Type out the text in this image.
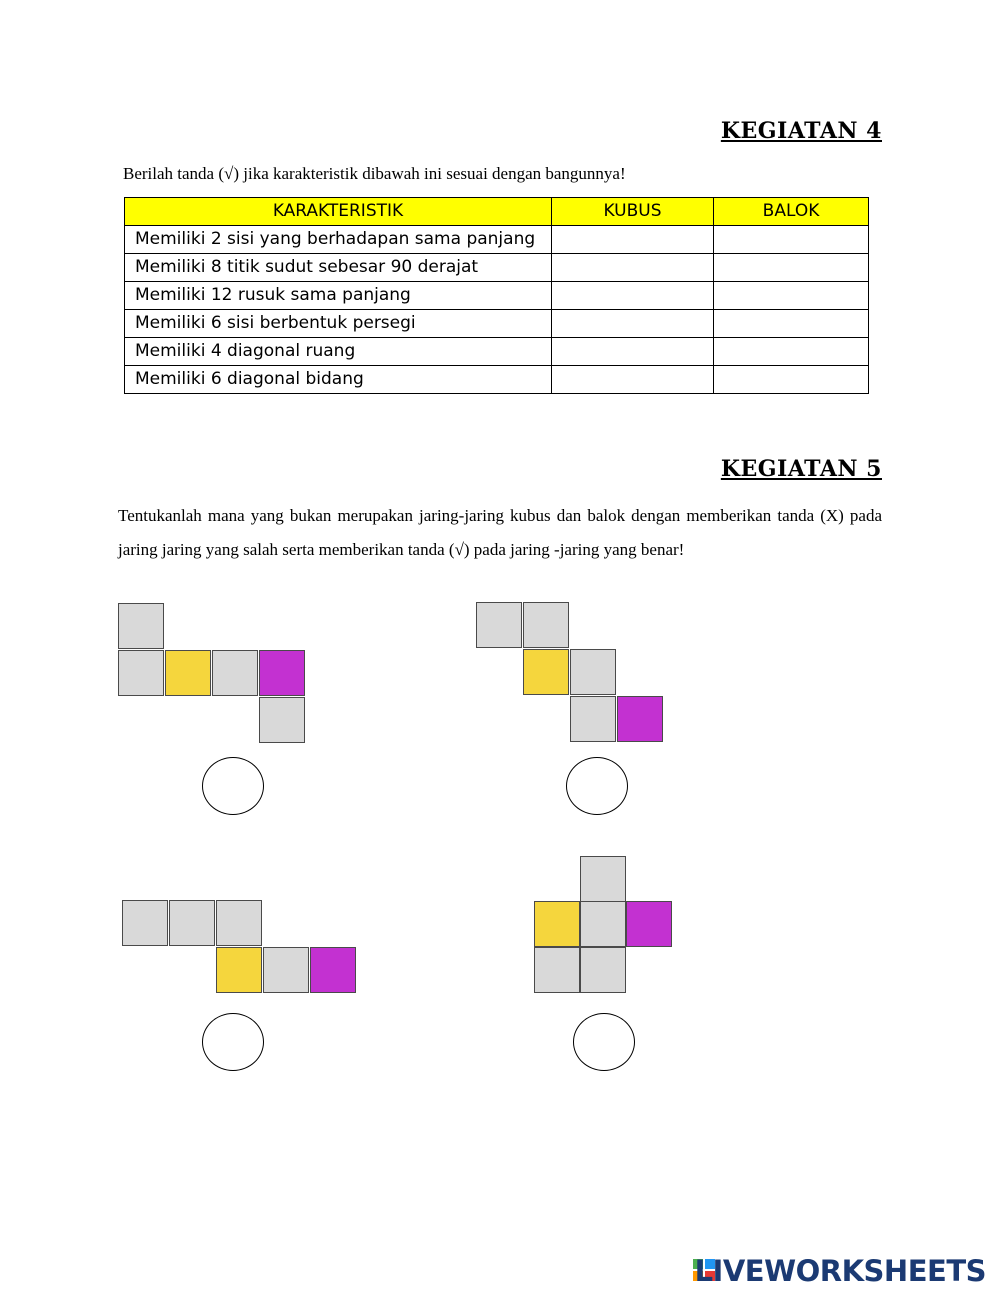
KEGIATAN 4
Berilah tanda (√) jika karakteristik dibawah ini sesuai dengan bangunnya!
KARAKTERISTIK	KUBUS	BALOK
Memiliki 2 sisi yang berhadapan sama panjang		
Memiliki 8 titik sudut sebesar 90 derajat		
Memiliki 12 rusuk sama panjang		
Memiliki 6 sisi berbentuk persegi		
Memiliki 4 diagonal ruang		
Memiliki 6 diagonal bidang		
KEGIATAN 5
Tentukanlah mana yang bukan merupakan jaring-jaring kubus dan balok dengan memberikan tanda (X) pada jaring jaring yang salah serta memberikan tanda (√) pada jaring -jaring yang benar!
LIVEWORKSHEETS
